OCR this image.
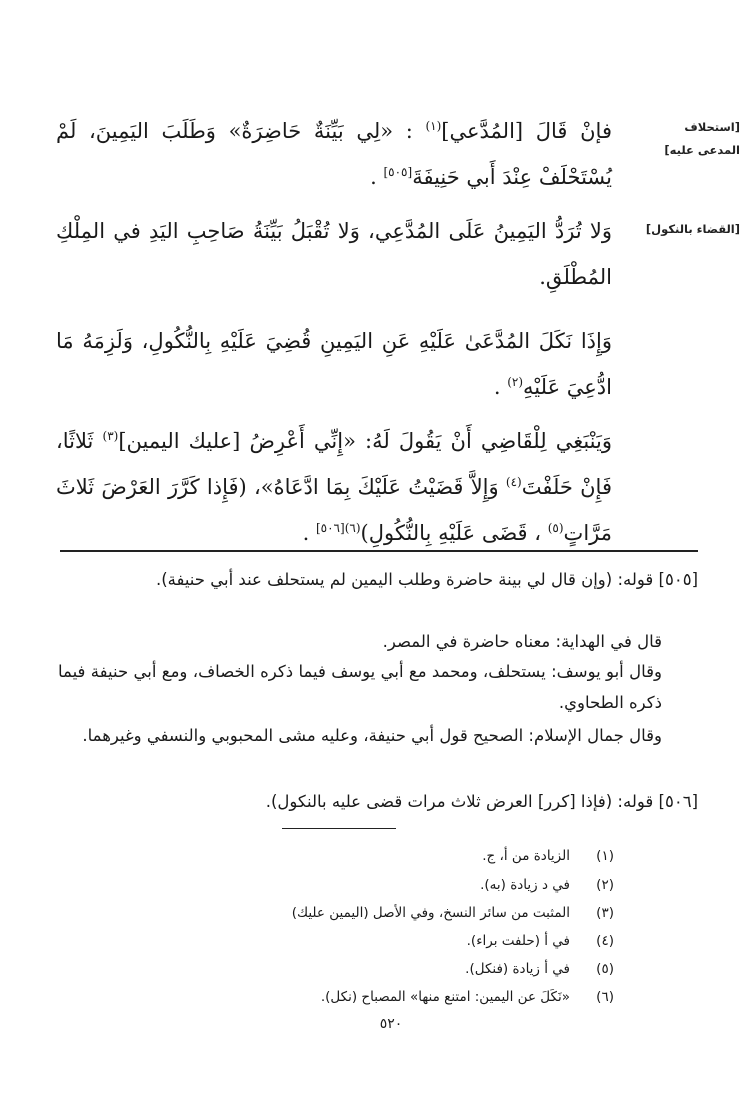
[استحلاف المدعى عليه]
[القضاء بالنكول]
فإنْ قَالَ [المُدَّعي]$^{(١)}$ : «لِي بَيِّنَةٌ حَاضِرَةٌ» وَطَلَبَ اليَمِينَ، لَمْ يُسْتَحْلَفْ عِنْدَ أَبي حَنِيفَةَ[٥٠٥] .
وَلا تُرَدُّ اليَمِينُ عَلَى المُدَّعِي، وَلا تُقْبَلُ بَيِّنَةُ صَاحِبِ اليَدِ في المِلْكِ المُطْلَقِ.
وَإِذَا نَكَلَ المُدَّعَىٰ عَلَيْهِ عَنِ اليَمِينِ قُضِيَ عَلَيْهِ بِالنُّكُولِ، وَلَزِمَهُ مَا ادُّعِيَ عَلَيْهِ$^{(٢)}$ .
وَيَنْبَغِي لِلْقَاضِي أَنْ يَقُولَ لَهُ: «إِنِّي أَعْرِضُ [عليك اليمين]$^{(٣)}$ ثَلاثًا، فَإِنْ حَلَفْتَ$^{(٤)}$ وَإِلاَّ قَضَيْتُ عَلَيْكَ بِمَا ادَّعَاهُ»، (فَإِذا كَرَّرَ العَرْضَ ثَلاثَ مَرَّاتٍ$^{(٥)}$ ، قَضَى عَلَيْهِ بِالنُّكُولِ)$^{(٦)[٥٠٦]}$ .
[٥٠٥] قوله: (وإن قال لي بينة حاضرة وطلب اليمين لم يستحلف عند أبي حنيفة).
قال في الهداية: معناه حاضرة في المصر.
وقال أبو يوسف: يستحلف، ومحمد مع أبي يوسف فيما ذكره الخصاف، ومع أبي حنيفة فيما ذكره الطحاوي.
وقال جمال الإسلام: الصحيح قول أبي حنيفة، وعليه مشى المحبوبي والنسفي وغيرهما.
[٥٠٦] قوله: (فإذا [كرر] العرض ثلاث مرات قضى عليه بالنكول).
(١)الزيادة من أ، ج.
(٢)في د زيادة (به).
(٣)المثبت من سائر النسخ، وفي الأصل (اليمين عليك)
(٤)في أ (حلفت براء).
(٥)في أ زيادة (فنكل).
(٦)«نَكَلَ عن اليمين: امتنع منها» المصباح (نكل).
٥٢٠
